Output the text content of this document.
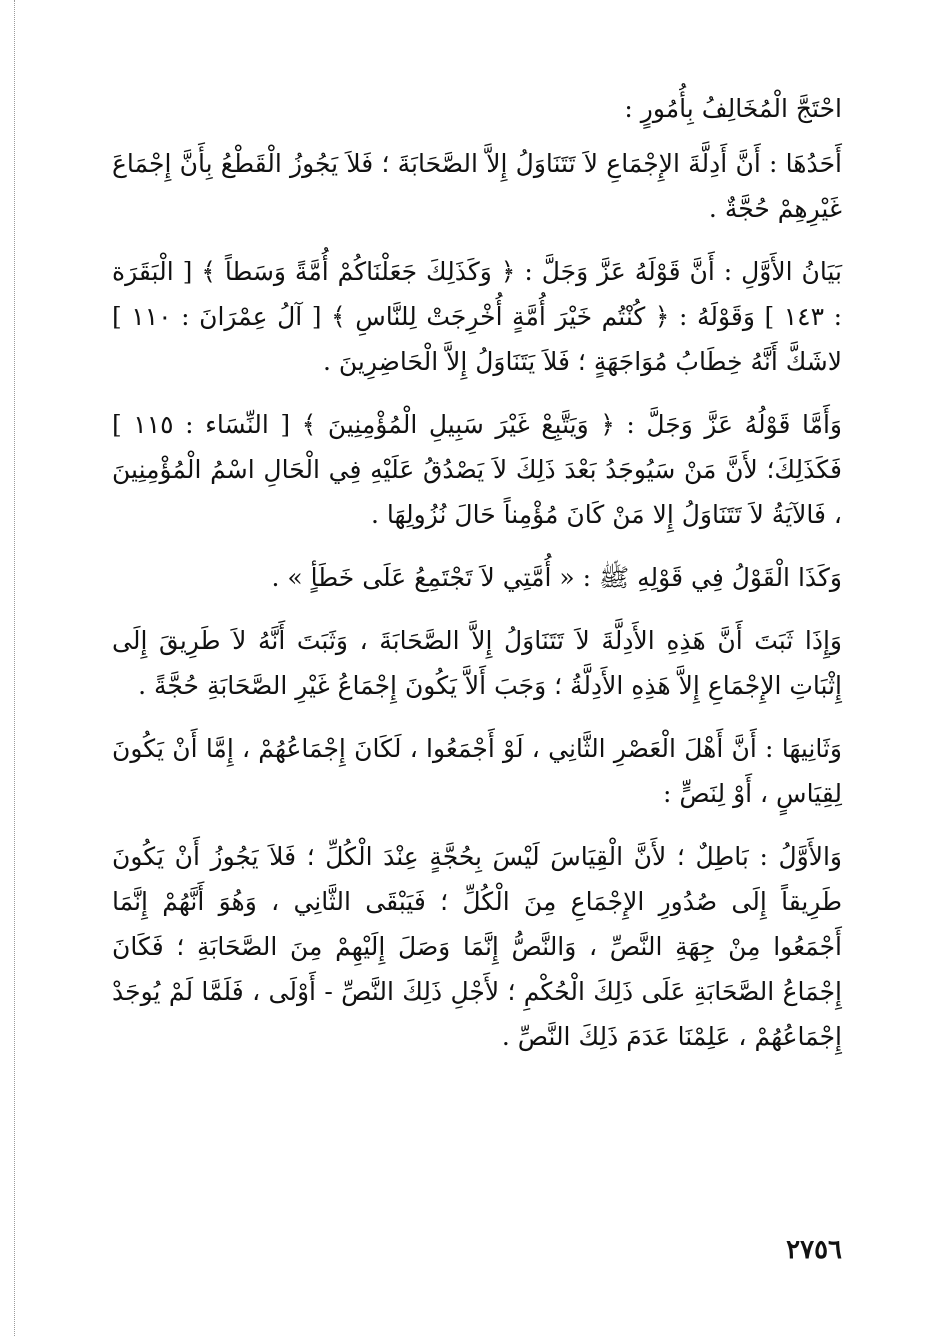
احْتَجَّ الْمُخَالِفُ بِأُمُورٍ :

أَحَدُهَا : أَنَّ أَدِلَّةَ الإِجْمَاعِ لاَ تَتَنَاوَلُ إِلاَّ الصَّحَابَةَ ؛ فَلاَ يَجُوزُ الْقَطْعُ بِأَنَّ إِجْمَاعَ غَيْرِهِمْ حُجَّةٌ .

بَيَانُ الأَوَّلِ : أَنَّ قَوْلَهُ عَزَّ وَجَلَّ : ﴿ وَكَذَلِكَ جَعَلْنَاكُمْ أُمَّةً وَسَطاً ﴾ [ الْبَقَرَة : ١٤٣ ] وَقَوْلَهُ : ﴿ كُنْتُم خَيْرَ أُمَّةٍ أُخْرِجَتْ لِلنَّاسِ ﴾ [ آلُ عِمْرَانَ : ١١٠ ] لاشَكَّ أَنَّهُ خِطَابُ مُوَاجَهَةٍ ؛ فَلاَ يَتَنَاوَلُ إِلاَّ الْحَاضِرِينَ .

وَأَمَّا قَوْلُهُ عَزَّ وَجَلَّ : ﴿ وَيَتَّبِعْ غَيْرَ سَبِيلِ الْمُؤْمِنِينَ ﴾ [ النِّسَاء : ١١٥ ] فَكَذَلِكَ؛ لأَنَّ مَنْ سَيُوجَدُ بَعْدَ ذَلِكَ لاَ يَصْدُقُ عَلَيْهِ فِي الْحَالِ اسْمُ الْمُؤْمِنِينَ ، فَالآيَةُ لاَ تَتَنَاوَلُ إِلا مَنْ كَانَ مُؤْمِناً حَالَ نُزُولِهَا .

وَكَذَا الْقَوْلُ فِي قَوْلِهِ ﷺ : « أُمَّتِي لاَ تَجْتَمِعُ عَلَى خَطَأٍ » .

وَإِذَا ثَبَتَ أَنَّ هَذِهِ الأَدِلَّةَ لاَ تَتَنَاوَلُ إِلاَّ الصَّحَابَةَ ، وَثَبَتَ أَنَّهُ لاَ طَرِيقَ إِلَى إِثْبَاتِ الإِجْمَاعِ إِلاَّ هَذِهِ الأَدِلَّةُ ؛ وَجَبَ أَلاَّ يَكُونَ إِجْمَاعُ غَيْرِ الصَّحَابَةِ حُجَّةً .

وَثَانِيهَا : أَنَّ أَهْلَ الْعَصْرِ الثَّانِي ، لَوْ أَجْمَعُوا ، لَكَانَ إِجْمَاعُهُمْ ، إِمَّا أَنْ يَكُونَ لِقِيَاسٍ ، أَوْ لِنَصٍّ :

وَالأَوَّلُ : بَاطِلٌ ؛ لأَنَّ الْقِيَاسَ لَيْسَ بِحُجَّةٍ عِنْدَ الْكُلِّ ؛ فَلاَ يَجُوزُ أَنْ يَكُونَ طَرِيقاً إِلَى صُدُورِ الإِجْمَاعِ مِنَ الْكُلِّ ؛ فَيَبْقَى الثَّانِي ، وَهُوَ أَنَّهُمْ إِنَّمَا أَجْمَعُوا مِنْ جِهَةِ النَّصِّ ، وَالنَّصُّ إِنَّمَا وَصَلَ إِلَيْهِمْ مِنَ الصَّحَابَةِ ؛ فَكَانَ إِجْمَاعُ الصَّحَابَةِ عَلَى ذَلِكَ الْحُكْمِ ؛ لأَجْلِ ذَلِكَ النَّصِّ - أَوْلَى ، فَلَمَّا لَمْ يُوجَدْ إِجْمَاعُهُمْ ، عَلِمْنَا عَدَمَ ذَلِكَ النَّصِّ .

٢٧٥٦
